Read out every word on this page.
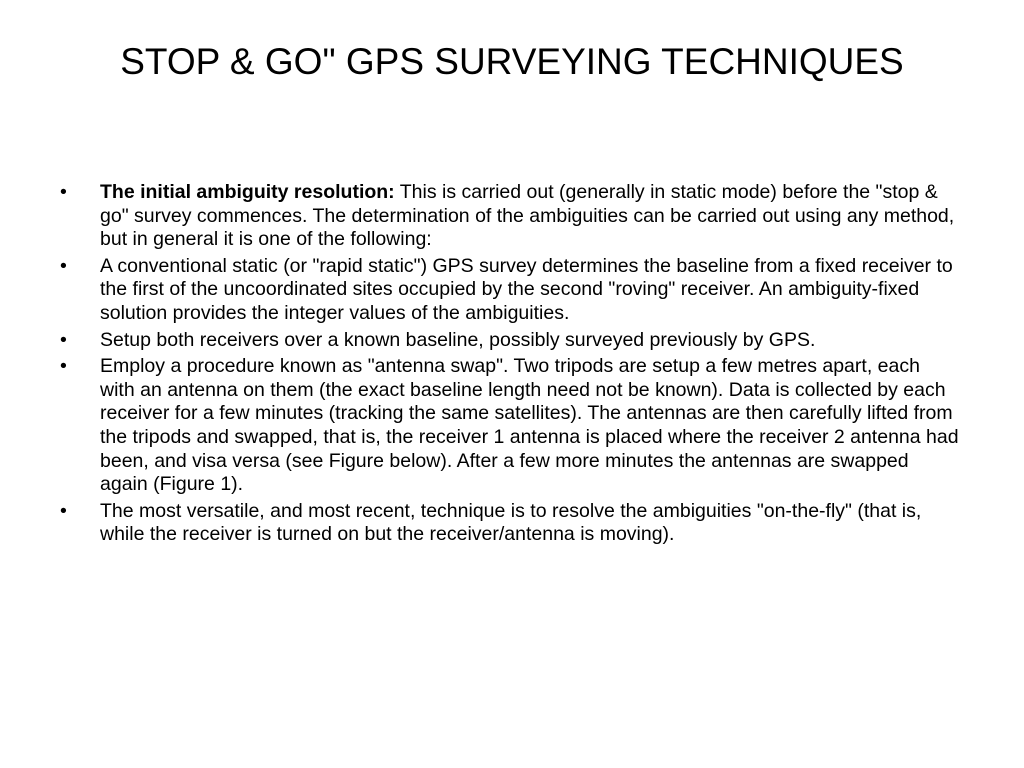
STOP & GO" GPS SURVEYING TECHNIQUES
•	The initial ambiguity resolution: This is carried out (generally in static mode) before the "stop & go" survey commences. The determination of the ambiguities can be carried out using any method, but in general it is one of the following:
•	A conventional static (or "rapid static") GPS survey determines the baseline from a fixed receiver to the first of the uncoordinated sites occupied by the second "roving" receiver. An ambiguity-fixed solution provides the integer values of the ambiguities.
•	Setup both receivers over a known baseline, possibly surveyed previously by GPS.
•	Employ a procedure known as "antenna swap". Two tripods are setup a few metres apart, each with an antenna on them (the exact baseline length need not be known). Data is collected by each receiver for a few minutes (tracking the same satellites). The antennas are then carefully lifted from the tripods and swapped, that is, the receiver 1 antenna is placed where the receiver 2 antenna had been, and visa versa (see Figure below). After a few more minutes the antennas are swapped again (Figure 1).
•	The most versatile, and most recent, technique is to resolve the ambiguities "on-the-fly" (that is, while the receiver is turned on but the receiver/antenna is moving).
